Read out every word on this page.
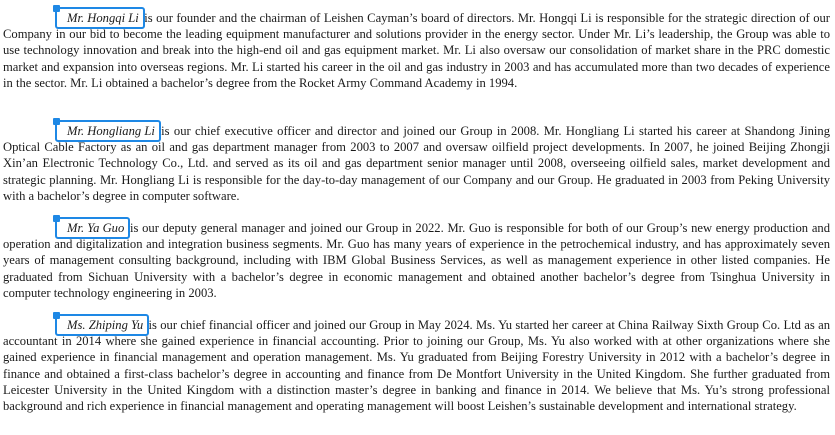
Mr. Hongqi Li is our founder and the chairman of Leishen Cayman’s board of directors. Mr. Hongqi Li is responsible for the strategic direction of our Company in our bid to become the leading equipment manufacturer and solutions provider in the energy sector. Under Mr. Li’s leadership, the Group was able to use technology innovation and break into the high-end oil and gas equipment market. Mr. Li also oversaw our consolidation of market share in the PRC domestic market and expansion into overseas regions. Mr. Li started his career in the oil and gas industry in 2003 and has accumulated more than two decades of experience in the sector. Mr. Li obtained a bachelor’s degree from the Rocket Army Command Academy in 1994.

Mr. Hongliang Li is our chief executive officer and director and joined our Group in 2008. Mr. Hongliang Li started his career at Shandong Jining Optical Cable Factory as an oil and gas department manager from 2003 to 2007 and oversaw oilfield project developments. In 2007, he joined Beijing Zhongji Xin’an Electronic Technology Co., Ltd. and served as its oil and gas department senior manager until 2008, overseeing oilfield sales, market development and strategic planning. Mr. Hongliang Li is responsible for the day-to-day management of our Company and our Group. He graduated in 2003 from Peking University with a bachelor’s degree in computer software.

Mr. Ya Guo is our deputy general manager and joined our Group in 2022. Mr. Guo is responsible for both of our Group’s new energy production and operation and digitalization and integration business segments. Mr. Guo has many years of experience in the petrochemical industry, and has approximately seven years of management consulting background, including with IBM Global Business Services, as well as management experience in other listed companies. He graduated from Sichuan University with a bachelor’s degree in economic management and obtained another bachelor’s degree from Tsinghua University in computer technology engineering in 2003.

Ms. Zhiping Yu is our chief financial officer and joined our Group in May 2024. Ms. Yu started her career at China Railway Sixth Group Co. Ltd as an accountant in 2014 where she gained experience in financial accounting. Prior to joining our Group, Ms. Yu also worked with at other organizations where she gained experience in financial management and operation management. Ms. Yu graduated from Beijing Forestry University in 2012 with a bachelor’s degree in finance and obtained a first-class bachelor’s degree in accounting and finance from De Montfort University in the United Kingdom. She further graduated from Leicester University in the United Kingdom with a distinction master’s degree in banking and finance in 2014. We believe that Ms. Yu’s strong professional background and rich experience in financial management and operating management will boost Leishen’s sustainable development and international strategy.
